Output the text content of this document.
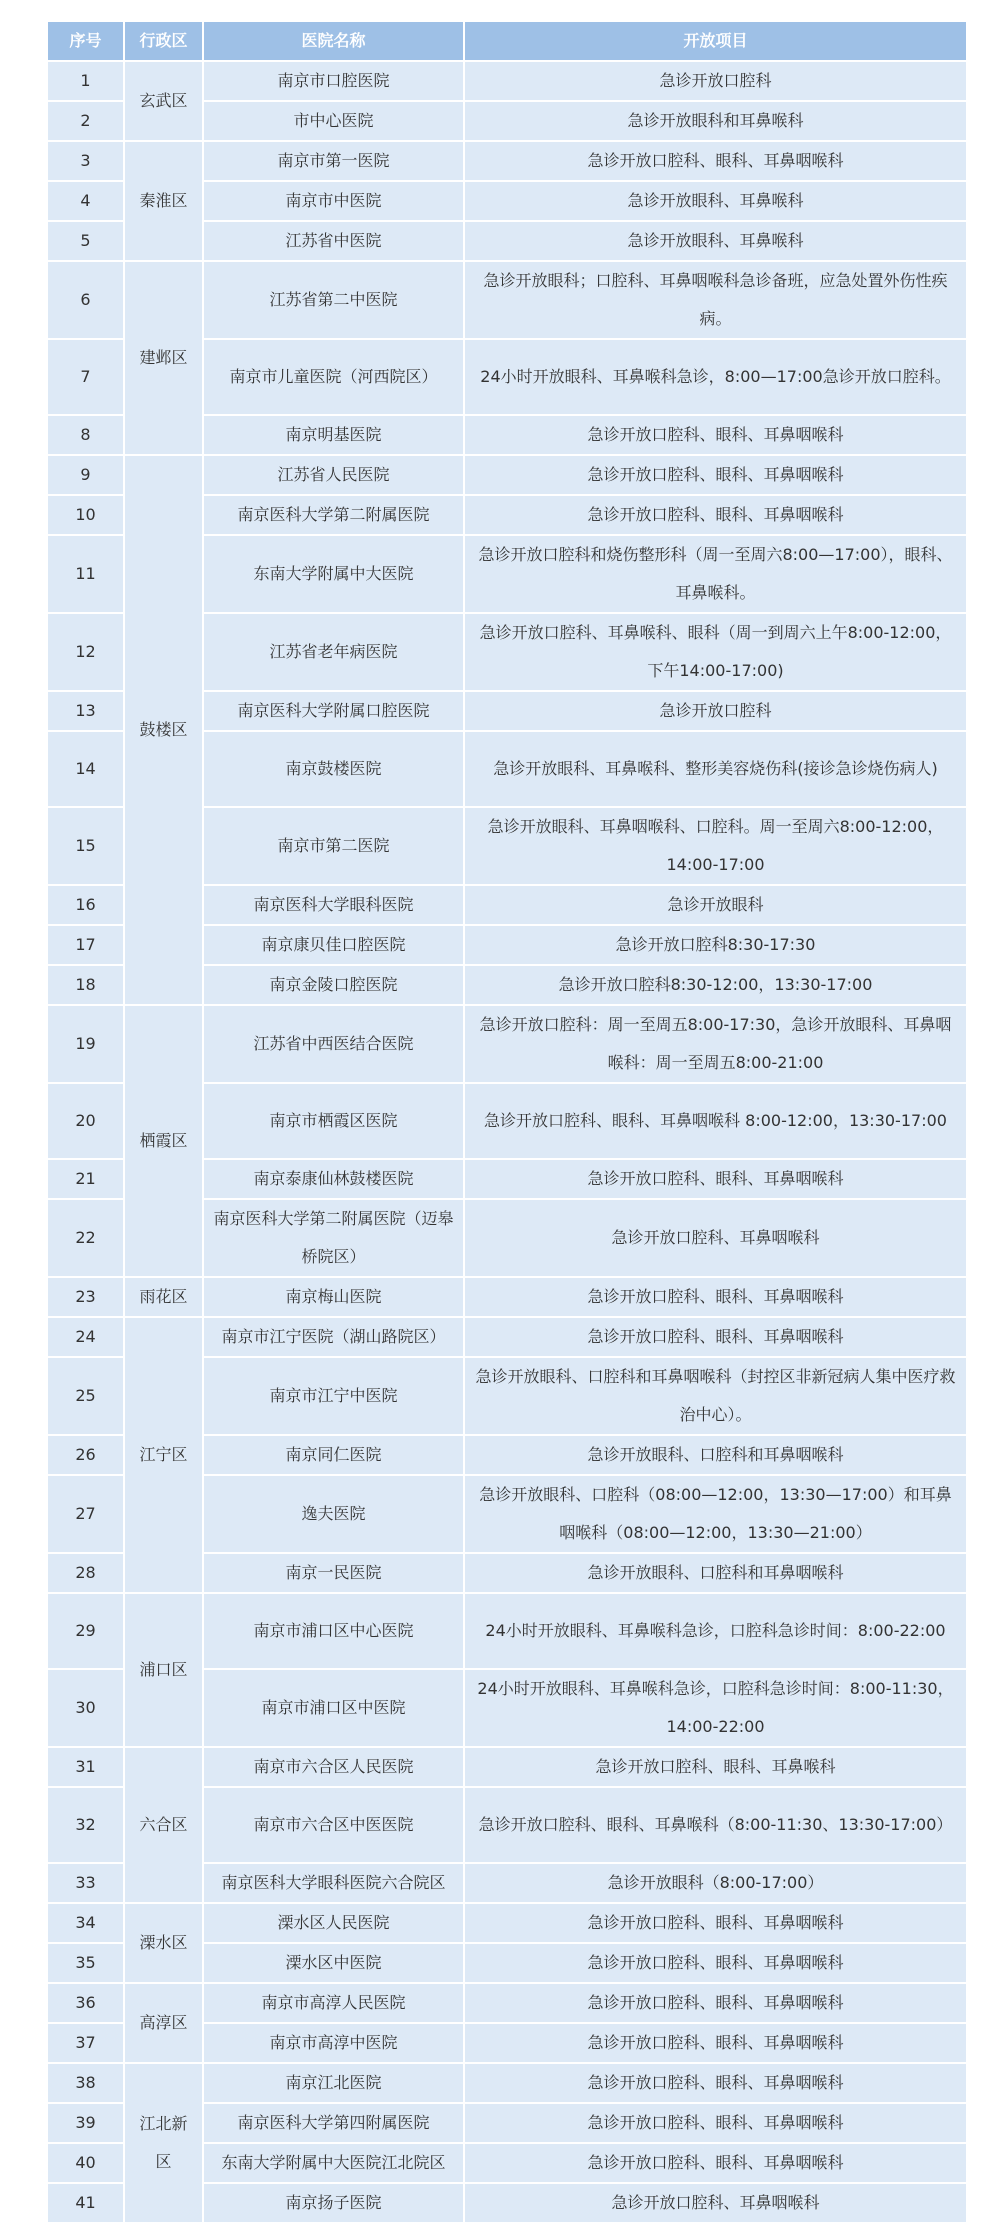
序号	行政区	医院名称	开放项目
1	玄武区	南京市口腔医院	急诊开放口腔科
2		市中心医院	急诊开放眼科和耳鼻喉科
3	秦淮区	南京市第一医院	急诊开放口腔科、眼科、耳鼻咽喉科
4		南京市中医院	急诊开放眼科、耳鼻喉科
5		江苏省中医院	急诊开放眼科、耳鼻喉科
6	建邺区	江苏省第二中医院	急诊开放眼科；口腔科、耳鼻咽喉科急诊备班，应急处置外伤性疾病。
7		南京市儿童医院（河西院区）	24小时开放眼科、耳鼻喉科急诊，8:00—17:00急诊开放口腔科。
8		南京明基医院	急诊开放口腔科、眼科、耳鼻咽喉科
9	鼓楼区	江苏省人民医院	急诊开放口腔科、眼科、耳鼻咽喉科
10		南京医科大学第二附属医院	急诊开放口腔科、眼科、耳鼻咽喉科
11		东南大学附属中大医院	急诊开放口腔科和烧伤整形科（周一至周六8:00—17:00），眼科、耳鼻喉科。
12		江苏省老年病医院	急诊开放口腔科、耳鼻喉科、眼科（周一到周六上午8:00-12:00，下午14:00-17:00)
13		南京医科大学附属口腔医院	急诊开放口腔科
14		南京鼓楼医院	急诊开放眼科、耳鼻喉科、整形美容烧伤科(接诊急诊烧伤病人)
15		南京市第二医院	急诊开放眼科、耳鼻咽喉科、口腔科。周一至周六8:00-12:00，14:00-17:00
16		南京医科大学眼科医院	急诊开放眼科
17		南京康贝佳口腔医院	急诊开放口腔科8:30-17:30
18		南京金陵口腔医院	急诊开放口腔科8:30-12:00，13:30-17:00
19	栖霞区	江苏省中西医结合医院	急诊开放口腔科：周一至周五8:00-17:30，急诊开放眼科、耳鼻咽喉科：周一至周五8:00-21:00
20		南京市栖霞区医院	急诊开放口腔科、眼科、耳鼻咽喉科 8:00-12:00，13:30-17:00
21		南京泰康仙林鼓楼医院	急诊开放口腔科、眼科、耳鼻咽喉科
22		南京医科大学第二附属医院（迈皋桥院区）	急诊开放口腔科、耳鼻咽喉科
23	雨花区	南京梅山医院	急诊开放口腔科、眼科、耳鼻咽喉科
24	江宁区	南京市江宁医院（湖山路院区）	急诊开放口腔科、眼科、耳鼻咽喉科
25		南京市江宁中医院	急诊开放眼科、口腔科和耳鼻咽喉科（封控区非新冠病人集中医疗救治中心）。
26		南京同仁医院	急诊开放眼科、口腔科和耳鼻咽喉科
27		逸夫医院	急诊开放眼科、口腔科（08:00—12:00，13:30—17:00）和耳鼻咽喉科（08:00—12:00，13:30—21:00）
28		南京一民医院	急诊开放眼科、口腔科和耳鼻咽喉科
29	浦口区	南京市浦口区中心医院	24小时开放眼科、耳鼻喉科急诊，口腔科急诊时间：8:00-22:00
30		南京市浦口区中医院	24小时开放眼科、耳鼻喉科急诊，口腔科急诊时间：8:00-11:30，14:00-22:00
31	六合区	南京市六合区人民医院	急诊开放口腔科、眼科、耳鼻喉科
32		南京市六合区中医医院	急诊开放口腔科、眼科、耳鼻喉科（8:00-11:30、13:30-17:00）
33		南京医科大学眼科医院六合院区	急诊开放眼科（8:00-17:00）
34	溧水区	溧水区人民医院	急诊开放口腔科、眼科、耳鼻咽喉科
35		溧水区中医院	急诊开放口腔科、眼科、耳鼻咽喉科
36	高淳区	南京市高淳人民医院	急诊开放口腔科、眼科、耳鼻咽喉科
37		南京市高淳中医院	急诊开放口腔科、眼科、耳鼻咽喉科
38	江北新区	南京江北医院	急诊开放口腔科、眼科、耳鼻咽喉科
39		南京医科大学第四附属医院	急诊开放口腔科、眼科、耳鼻咽喉科
40		东南大学附属中大医院江北院区	急诊开放口腔科、眼科、耳鼻咽喉科
41		南京扬子医院	急诊开放口腔科、耳鼻咽喉科
